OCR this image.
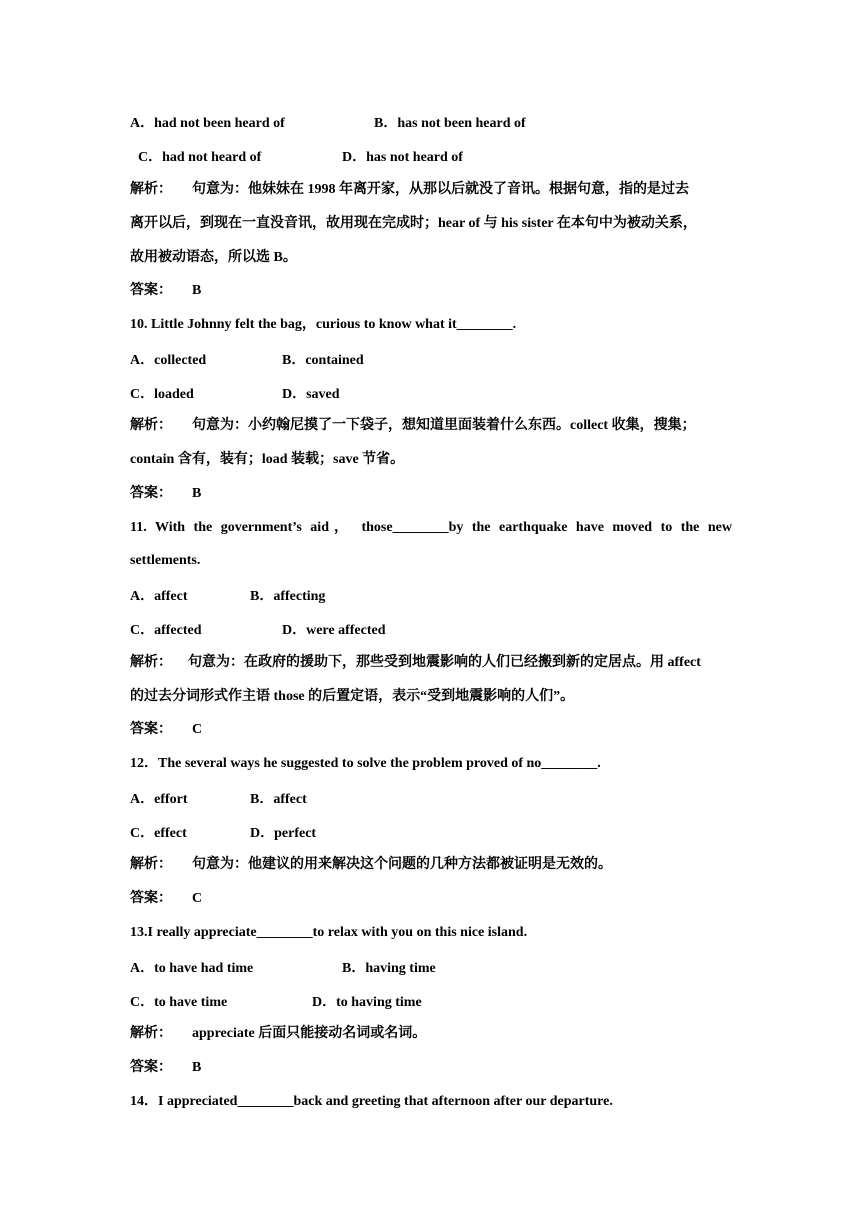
A．had not been heard of	B．has not been heard of
C．had not heard of	D．has not heard of
解析： 句意为：他妹妹在 1998 年离开家，从那以后就没了音讯。根据句意，指的是过去
离开以后，到现在一直没音讯，故用现在完成时；hear of 与 his sister 在本句中为被动关系，
故用被动语态，所以选 B。
答案： B
10. Little Johnny felt the bag，curious to know what it________.
A．collected	B．contained
C．loaded	D．saved
解析： 句意为：小约翰尼摸了一下袋子，想知道里面装着什么东西。collect 收集，搜集；
contain 含有，装有；load 装载；save 节省。
答案： B
11. With the government’s aid， those________by the earthquake have moved to the new
settlements.
A．affect	B．affecting
C．affected	D．were affected
解析： 句意为：在政府的援助下，那些受到地震影响的人们已经搬到新的定居点。用 affect
的过去分词形式作主语 those 的后置定语，表示“受到地震影响的人们”。
答案： C
12．The several ways he suggested to solve the problem proved of no________.
A．effort	B．affect
C．effect	D．perfect
解析： 句意为：他建议的用来解决这个问题的几种方法都被证明是无效的。
答案： C
13.I really appreciate________to relax with you on this nice island.
A．to have had time	B．having time
C．to have time	D．to having time
解析： appreciate 后面只能接动名词或名词。
答案： B
14．I appreciated________back and greeting that afternoon after our departure.
